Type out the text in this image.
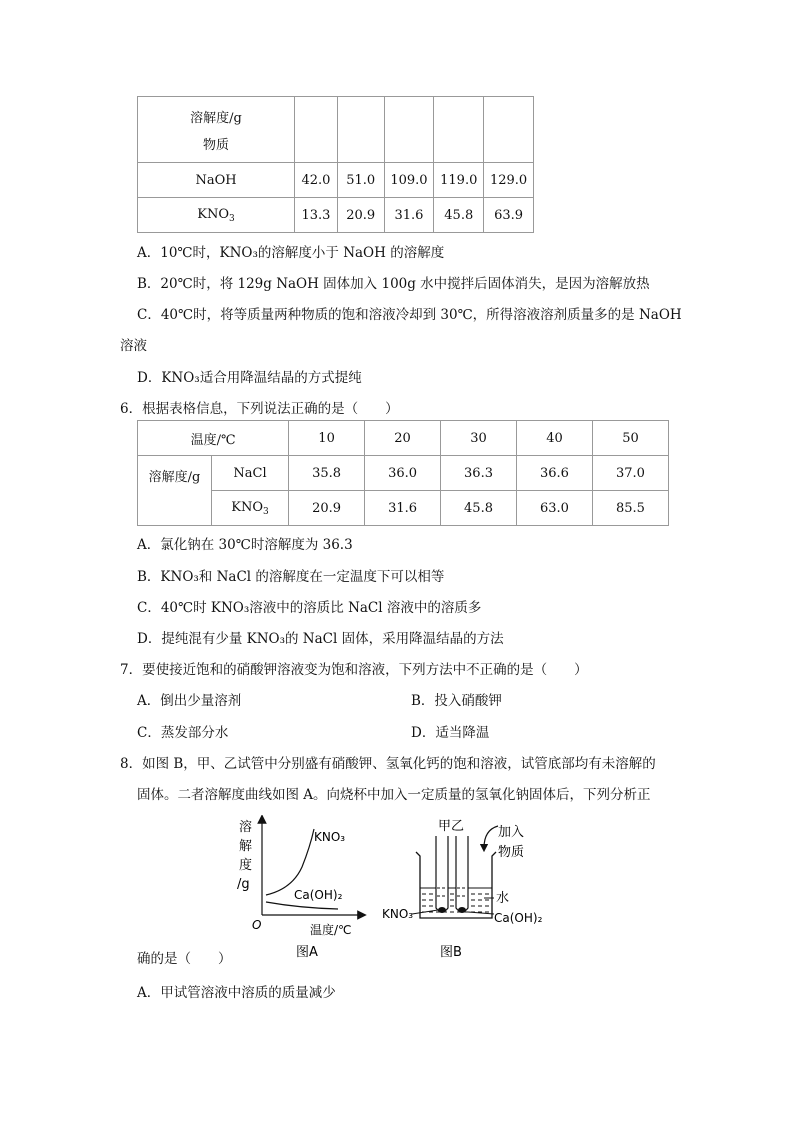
溶解度/g
物质					

NaOH	42.0	51.0	109.0	119.0	129.0
$KNO_3$	13.3	20.9	31.6	45.8	63.9
A．10℃时，KNO₃的溶解度小于 NaOH 的溶解度
B．20℃时，将 129g NaOH 固体加入 100g 水中搅拌后固体消失，是因为溶解放热
C．40℃时，将等质量两种物质的饱和溶液冷却到 30℃，所得溶液溶剂质量多的是 NaOH
溶液
D．KNO₃适合用降温结晶的方式提纯
6．根据表格信息，下列说法正确的是（　　）
温度/℃		10	20	30	40	50
溶解度/g	NaCl	35.8	36.0	36.3	36.6	37.0
	$KNO_3$	20.9	31.6	45.8	63.0	85.5
A．氯化钠在 30℃时溶解度为 36.3
B．KNO₃和 NaCl 的溶解度在一定温度下可以相等
C．40℃时 KNO₃溶液中的溶质比 NaCl 溶液中的溶质多
D．提纯混有少量 KNO₃的 NaCl 固体，采用降温结晶的方法
7．要使接近饱和的硝酸钾溶液变为饱和溶液，下列方法中不正确的是（　　）
A．倒出少量溶剂	B．投入硝酸钾
C．蒸发部分水	D．适当降温
8．如图 B，甲、乙试管中分别盛有硝酸钾、氢氧化钙的饱和溶液，试管底部均有未溶解的
固体。二者溶解度曲线如图 A。向烧杯中加入一定质量的氢氧化钠固体后，下列分析正
溶
解
度
/g
KNO₃
Ca(OH)₂
O	温度/℃
图A
甲乙	加入
物质
水
KNO₃	Ca(OH)₂
图B
确的是（　　）
A．甲试管溶液中溶质的质量减少
